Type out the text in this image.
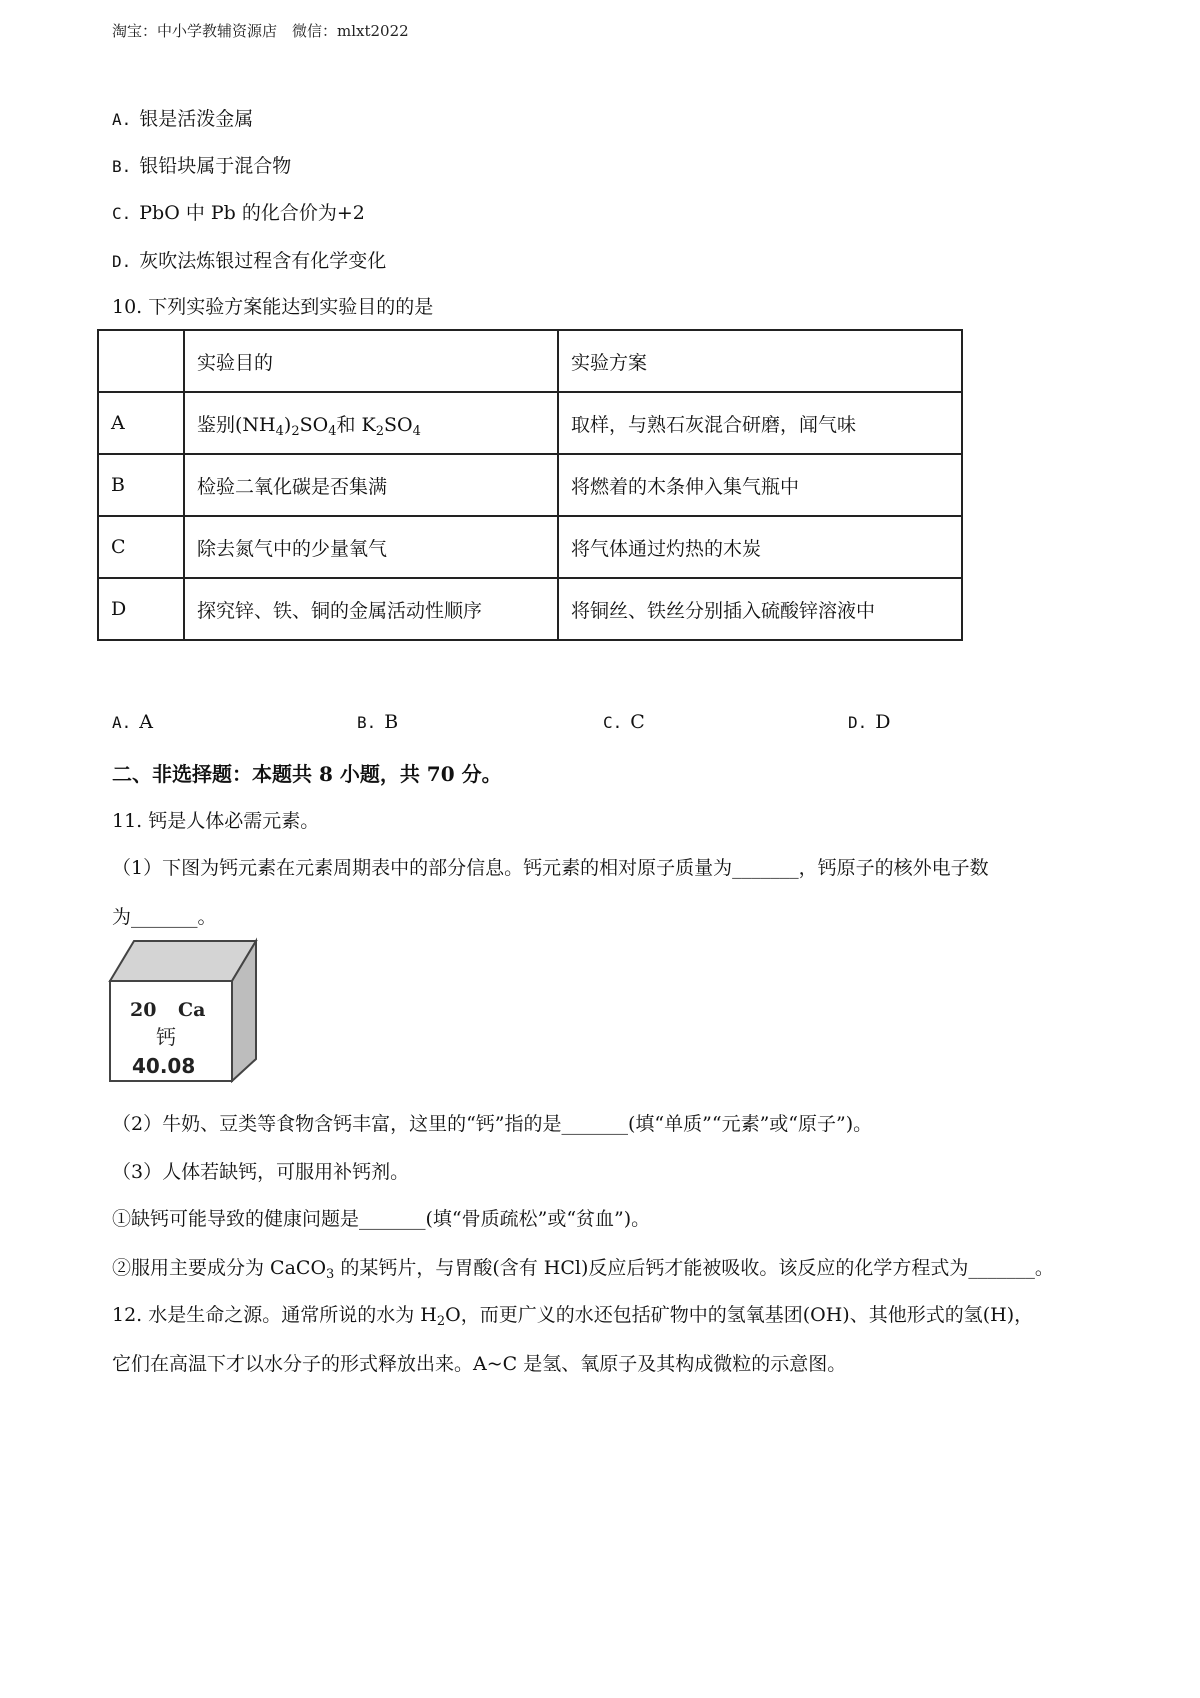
淘宝：中小学教辅资源店　微信：mlxt2022
A. 银是活泼金属
B. 银铅块属于混合物
C. PbO 中 Pb 的化合价为+2
D. 灰吹法炼银过程含有化学变化
10. 下列实验方案能达到实验目的的是
	实验目的	实验方案
A	鉴别$(NH_4)_2SO_4$和 $K_2SO_4$	取样，与熟石灰混合研磨，闻气味
B	检验二氧化碳是否集满	将燃着的木条伸入集气瓶中
C	除去氮气中的少量氧气	将气体通过灼热的木炭
D	探究锌、铁、铜的金属活动性顺序	将铜丝、铁丝分别插入硫酸锌溶液中
A. A	B. B	C. C	D. D
二、非选择题：本题共 8 小题，共 70 分。
11. 钙是人体必需元素。
（1）下图为钙元素在元素周期表中的部分信息。钙元素的相对原子质量为_______，钙原子的核外电子数
为_______。
20 Ca
钙
40.08
（2）牛奶、豆类等食物含钙丰富，这里的“钙”指的是_______(填“单质”“元素”或“原子”)。
（3）人体若缺钙，可服用补钙剂。
①缺钙可能导致的健康问题是_______(填“骨质疏松”或“贫血”)。
②服用主要成分为 CaCO$_3$ 的某钙片，与胃酸(含有 HCl)反应后钙才能被吸收。该反应的化学方程式为_______。
12. 水是生命之源。通常所说的水为 $H_2O$，而更广义的水还包括矿物中的氢氧基团(OH)、其他形式的氢(H)，
它们在高温下才以水分子的形式释放出来。A~C 是氢、氧原子及其构成微粒的示意图。
